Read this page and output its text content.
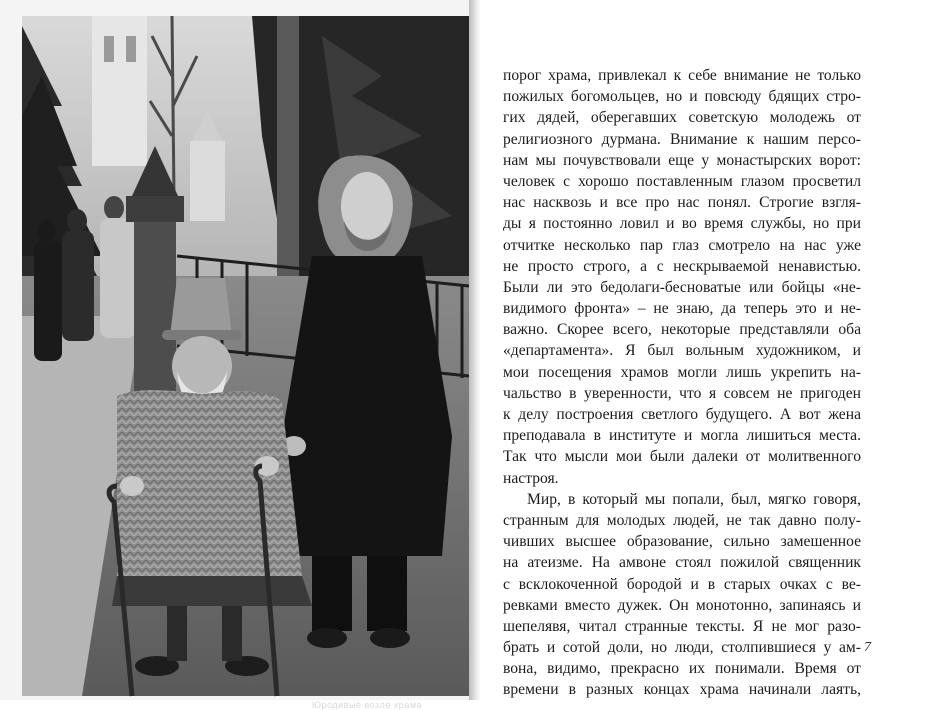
Юродивые возле храма
порог храма, привлекал к себе внимание не только
пожилых богомольцев, но и повсюду бдящих стро-
гих дядей, оберегавших советскую молодежь от
религиозного дурмана. Внимание к нашим персо-
нам мы почувствовали еще у монастырских ворот:
человек с хорошо поставленным глазом просветил
нас насквозь и все про нас понял. Строгие взгля-
ды я постоянно ловил и во время службы, но при
отчитке несколько пар глаз смотрело на нас уже
не просто строго, а с нескрываемой ненавистью.
Были ли это бедолаги-бесноватые или бойцы «не-
видимого фронта» – не знаю, да теперь это и не-
важно. Скорее всего, некоторые представляли оба
«департамента». Я был вольным художником, и
мои посещения храмов могли лишь укрепить на-
чальство в уверенности, что я совсем не пригоден
к делу построения светлого будущего. А вот жена
преподавала в институте и могла лишиться места.
Так что мысли мои были далеки от молитвенного
настроя.
Мир, в который мы попали, был, мягко говоря,
странным для молодых людей, не так давно полу-
чивших высшее образование, сильно замешенное
на атеизме. На амвоне стоял пожилой священник
с всклокоченной бородой и в старых очках с ве-
ревками вместо дужек. Он монотонно, запинаясь и
шепелявя, читал странные тексты. Я не мог разо-
брать и сотой доли, но люди, столпившиеся у ам-
вона, видимо, прекрасно их понимали. Время от
времени в разных концах храма начинали лаять,
7
